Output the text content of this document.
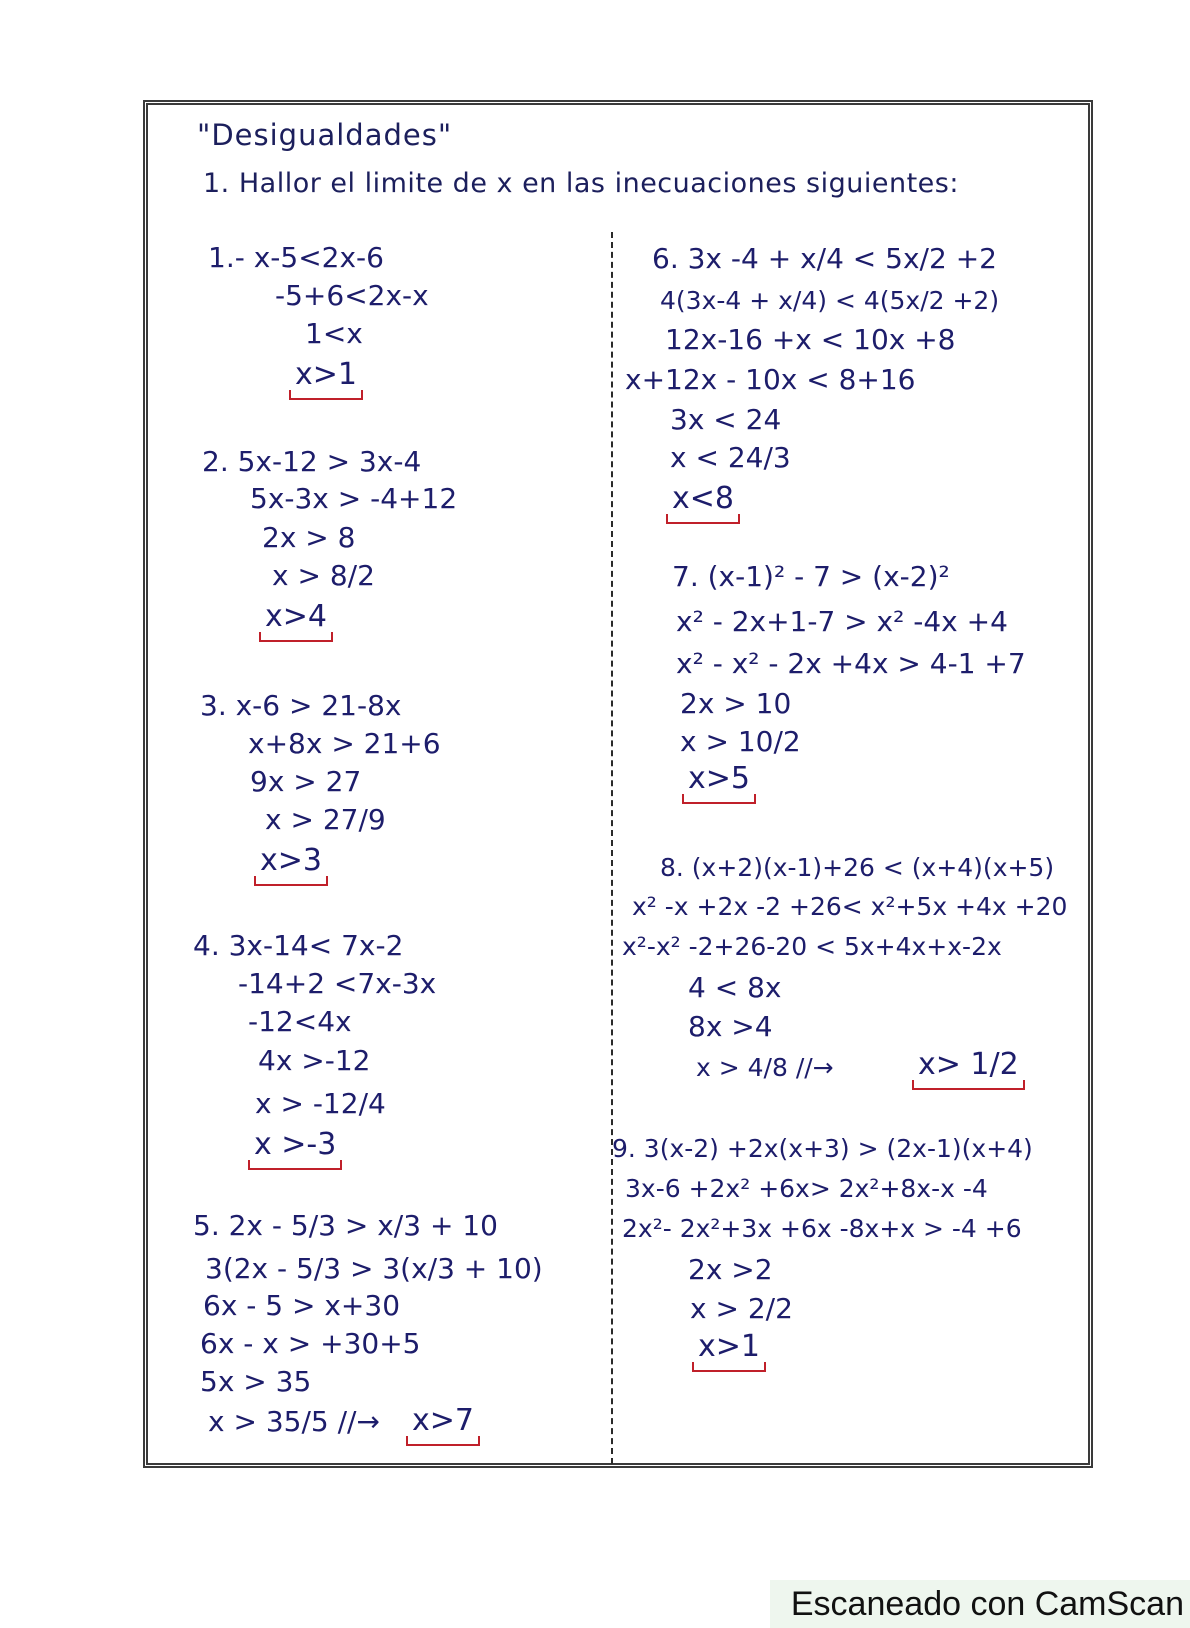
"Desigualdades"
1. Hallor el limite de x en las inecuaciones siguientes:
1.- x-5<2x-6
-5+6<2x-x
1<x
x>1
2. 5x-12 > 3x-4
5x-3x > -4+12
2x > 8
x > 8/2
x>4
3. x-6 > 21-8x
x+8x > 21+6
9x > 27
x > 27/9
x>3
4. 3x-14< 7x-2
-14+2 <7x-3x
-12<4x
4x >-12
x > -12/4
x >-3
5. 2x - 5/3 > x/3 + 10
3(2x - 5/3 > 3(x/3 + 10)
6x - 5 > x+30
6x - x > +30+5
5x > 35
x > 35/5 //→ x>7
6. 3x -4 + x/4 < 5x/2 +2
4(3x-4 + x/4) < 4(5x/2 +2)
12x-16 +x < 10x +8
x+12x - 10x < 8+16
3x < 24
x < 24/3
x<8
7. (x-1)² - 7 > (x-2)²
x² - 2x+1-7 > x² -4x +4
x² - x² - 2x +4x > 4-1 +7
2x > 10
x > 10/2
x>5
8. (x+2)(x-1)+26 < (x+4)(x+5)
x² -x +2x -2 +26< x²+5x +4x +20
x²-x² -2+26-20 < 5x+4x+x-2x
4 < 8x
8x >4
x > 4/8 //→	x> 1/2
9. 3(x-2) +2x(x+3) > (2x-1)(x+4)
3x-6 +2x² +6x> 2x²+8x-x -4
2x²- 2x²+3x +6x -8x+x > -4 +6
2x >2
x > 2/2
x>1
Escaneado con CamScan
